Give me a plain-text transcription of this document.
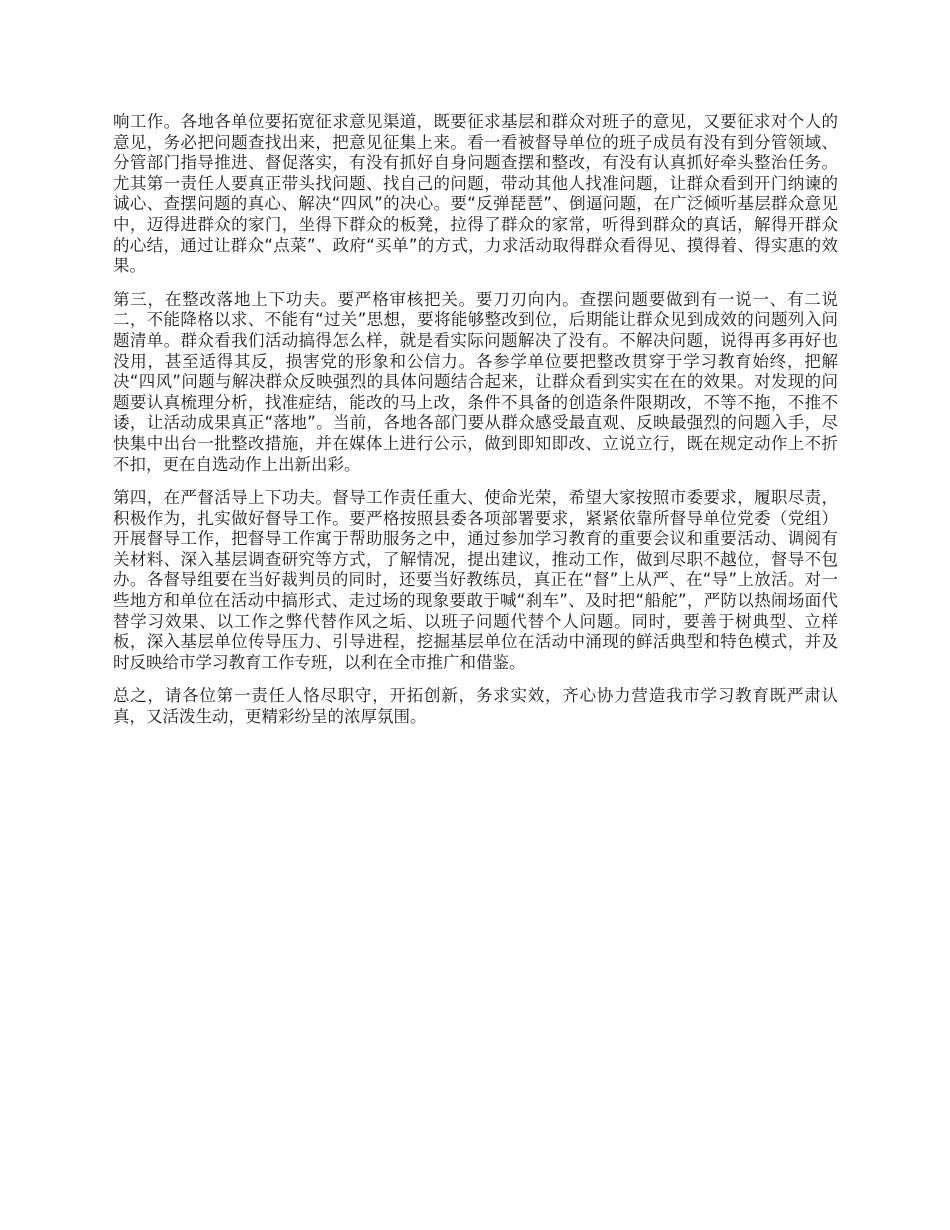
响工作。各地各单位要拓宽征求意见渠道，既要征求基层和群众对班子的意见，又要征求对个人的意见，务必把问题查找出来，把意见征集上来。看一看被督导单位的班子成员有没有到分管领域、分管部门指导推进、督促落实，有没有抓好自身问题查摆和整改，有没有认真抓好牵头整治任务。尤其第一责任人要真正带头找问题、找自己的问题，带动其他人找准问题，让群众看到开门纳谏的诚心、查摆问题的真心、解决“四风”的决心。要“反弹琵琶”、倒逼问题，在广泛倾听基层群众意见中，迈得进群众的家门，坐得下群众的板凳，拉得了群众的家常，听得到群众的真话，解得开群众的心结，通过让群众“点菜”、政府“买单”的方式，力求活动取得群众看得见、摸得着、得实惠的效果。

第三，在整改落地上下功夫。要严格审核把关。要刀刃向内。查摆问题要做到有一说一、有二说二，不能降格以求、不能有“过关”思想，要将能够整改到位，后期能让群众见到成效的问题列入问题清单。群众看我们活动搞得怎么样，就是看实际问题解决了没有。不解决问题，说得再多再好也没用，甚至适得其反，损害党的形象和公信力。各参学单位要把整改贯穿于学习教育始终，把解决“四风”问题与解决群众反映强烈的具体问题结合起来，让群众看到实实在在的效果。对发现的问题要认真梳理分析，找准症结，能改的马上改，条件不具备的创造条件限期改，不等不拖，不推不诿，让活动成果真正“落地”。当前，各地各部门要从群众感受最直观、反映最强烈的问题入手，尽快集中出台一批整改措施，并在媒体上进行公示，做到即知即改、立说立行，既在规定动作上不折不扣，更在自选动作上出新出彩。

第四，在严督活导上下功夫。督导工作责任重大、使命光荣，希望大家按照市委要求，履职尽责，积极作为，扎实做好督导工作。要严格按照县委各项部署要求，紧紧依靠所督导单位党委（党组）开展督导工作，把督导工作寓于帮助服务之中，通过参加学习教育的重要会议和重要活动、调阅有关材料、深入基层调查研究等方式，了解情况，提出建议，推动工作，做到尽职不越位，督导不包办。各督导组要在当好裁判员的同时，还要当好教练员，真正在“督”上从严、在“导”上放活。对一些地方和单位在活动中搞形式、走过场的现象要敢于喊“刹车”、及时把“船舵”，严防以热闹场面代替学习效果、以工作之弊代替作风之垢、以班子问题代替个人问题。同时，要善于树典型、立样板，深入基层单位传导压力、引导进程，挖掘基层单位在活动中涌现的鲜活典型和特色模式，并及时反映给市学习教育工作专班，以利在全市推广和借鉴。

总之，请各位第一责任人恪尽职守，开拓创新，务求实效，齐心协力营造我市学习教育既严肃认真，又活泼生动，更精彩纷呈的浓厚氛围。
